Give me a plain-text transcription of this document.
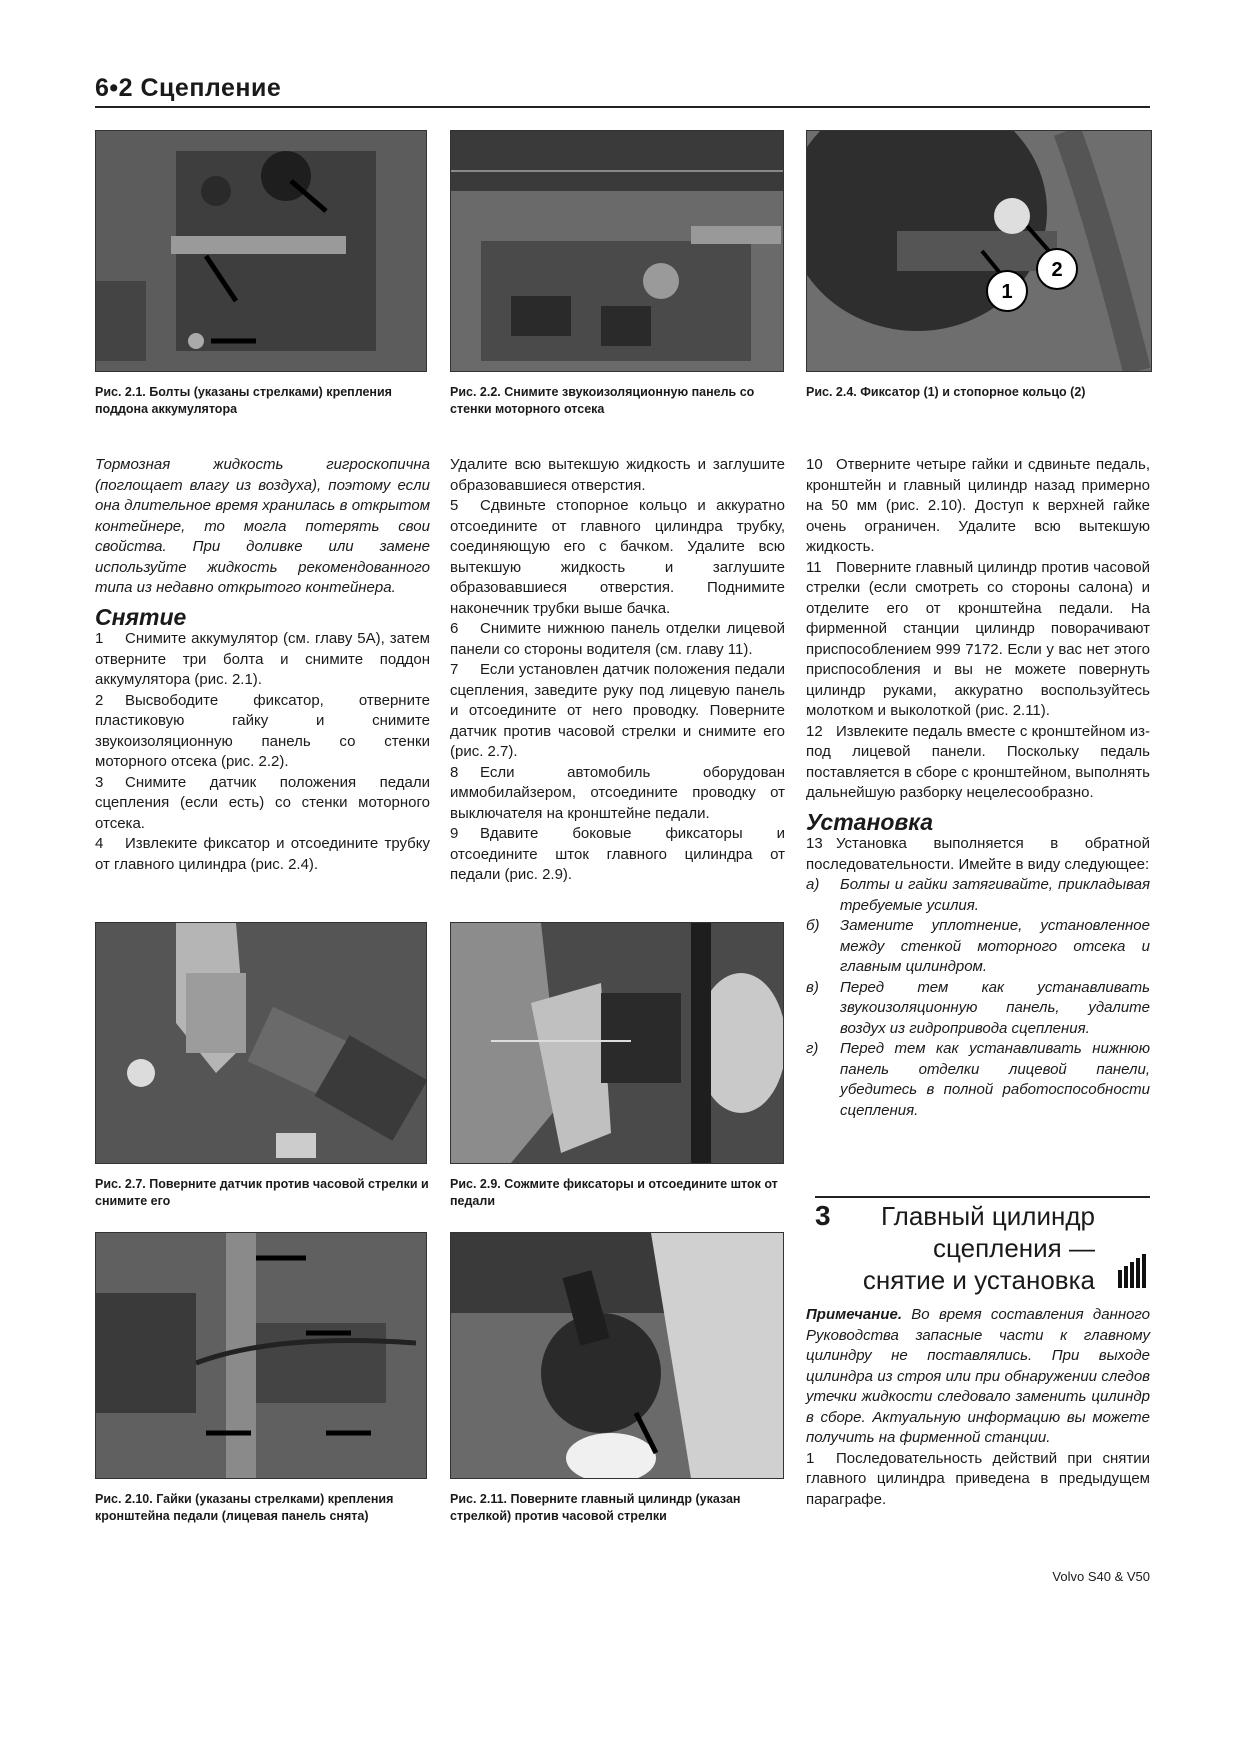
6•2 Сцепление
Рис. 2.1. Болты (указаны стрелками) крепления поддона аккумулятора
Рис. 2.2. Снимите звукоизоляционную панель со стенки моторного отсека
1
2
Рис. 2.4. Фиксатор (1) и стопорное кольцо (2)

Тормозная жидкость гигроскопична (поглощает влагу из воздуха), поэтому если она длительное время хранилась в открытом контейнере, то могла потерять свои свойства. При доливке или замене используйте жидкость рекомендованного типа из недавно открытого контейнера.

Снятие

1 Снимите аккумулятор (см. главу 5А), затем отверните три болта и снимите поддон аккумулятора (рис. 2.1).

2 Высвободите фиксатор, отверните пластиковую гайку и снимите звукоизоляционную панель со стенки моторного отсека (рис. 2.2).

3 Снимите датчик положения педали сцепления (если есть) со стенки моторного отсека.

4 Извлеките фиксатор и отсоедините трубку от главного цилиндра (рис. 2.4).

Удалите всю вытекшую жидкость и заглушите образовавшиеся отверстия.

5 Сдвиньте стопорное кольцо и аккуратно отсоедините от главного цилиндра трубку, соединяющую его с бачком. Удалите всю вытекшую жидкость и заглушите образовавшиеся отверстия. Поднимите наконечник трубки выше бачка.

6 Снимите нижнюю панель отделки лицевой панели со стороны водителя (см. главу 11).

7 Если установлен датчик положения педали сцепления, заведите руку под лицевую панель и отсоедините от него проводку. Поверните датчик против часовой стрелки и снимите его (рис. 2.7).

8 Если автомобиль оборудован иммобилайзером, отсоедините проводку от выключателя на кронштейне педали.

9 Вдавите боковые фиксаторы и отсоедините шток главного цилиндра от педали (рис. 2.9).

10 Отверните четыре гайки и сдвиньте педаль, кронштейн и главный цилиндр назад примерно на 50 мм (рис. 2.10). Доступ к верхней гайке очень ограничен. Удалите всю вытекшую жидкость.

11 Поверните главный цилиндр против часовой стрелки (если смотреть со стороны салона) и отделите его от кронштейна педали. На фирменной станции цилиндр поворачивают приспособлением 999 7172. Если у вас нет этого приспособления и вы не можете повернуть цилиндр руками, аккуратно воспользуйтесь молотком и выколоткой (рис. 2.11).

12 Извлеките педаль вместе с кронштейном из-под лицевой панели. Поскольку педаль поставляется в сборе с кронштейном, выполнять дальнейшую разборку нецелесообразно.

Установка

13 Установка выполняется в обратной последовательности. Имейте в виду следующее:

а)	Болты и гайки затягивайте, прикладывая требуемые усилия.
б)	Замените уплотнение, установленное между стенкой моторного отсека и главным цилиндром.
в)	Перед тем как устанавливать звукоизоляционную панель, удалите воздух из гидропривода сцепления.
г)	Перед тем как устанавливать нижнюю панель отделки лицевой панели, убедитесь в полной работоспособности сцепления.
Рис. 2.7. Поверните датчик против часовой стрелки и снимите его
Рис. 2.9. Сожмите фиксаторы и отсоедините шток от педали
Рис. 2.10. Гайки (указаны стрелками) крепления кронштейна педали (лицевая панель снята)
Рис. 2.11. Поверните главный цилиндр (указан стрелкой) против часовой стрелки
3	Главный цилиндр сцепления — снятие и установка

Примечание. Во время составления данного Руководства запасные части к главному цилиндру не поставлялись. При выходе цилиндра из строя или при обнаружении следов утечки жидкости следовало заменить цилиндр в сборе. Актуальную информацию вы можете получить на фирменной станции.

1 Последовательность действий при снятии главного цилиндра приведена в предыдущем параграфе.

Volvo S40 & V50
